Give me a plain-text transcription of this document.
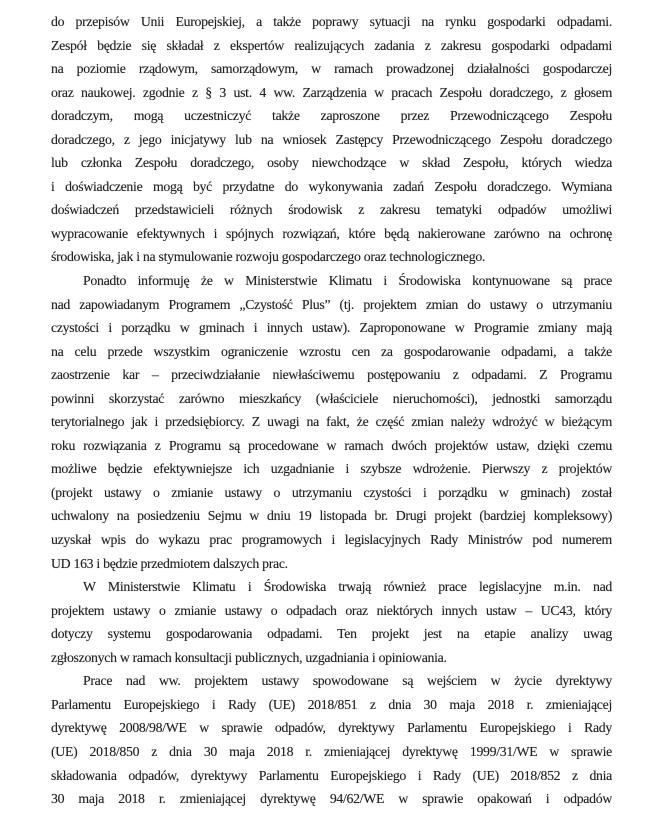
do przepisów Unii Europejskiej, a także poprawy sytuacji na rynku gospodarki odpadami.
Zespół będzie się składał z ekspertów realizujących zadania z zakresu gospodarki odpadami
na poziomie rządowym, samorządowym, w ramach prowadzonej działalności gospodarczej
oraz naukowej. zgodnie z § 3 ust. 4 ww. Zarządzenia w pracach Zespołu doradczego, z głosem
doradczym, mogą uczestniczyć także zaproszone przez Przewodniczącego Zespołu
doradczego, z jego inicjatywy lub na wniosek Zastępcy Przewodniczącego Zespołu doradczego
lub członka Zespołu doradczego, osoby niewchodzące w skład Zespołu, których wiedza
i doświadczenie mogą być przydatne do wykonywania zadań Zespołu doradczego. Wymiana
doświadczeń przedstawicieli różnych środowisk z zakresu tematyki odpadów umożliwi
wypracowanie efektywnych i spójnych rozwiązań, które będą nakierowane zarówno na ochronę
środowiska, jak i na stymulowanie rozwoju gospodarczego oraz technologicznego.
Ponadto informuję że w Ministerstwie Klimatu i Środowiska kontynuowane są prace
nad zapowiadanym Programem „Czystość Plus” (tj. projektem zmian do ustawy o utrzymaniu
czystości i porządku w gminach i innych ustaw). Zaproponowane w Programie zmiany mają
na celu przede wszystkim ograniczenie wzrostu cen za gospodarowanie odpadami, a także
zaostrzenie kar – przeciwdziałanie niewłaściwemu postępowaniu z odpadami. Z Programu
powinni skorzystać zarówno mieszkańcy (właściciele nieruchomości), jednostki samorządu
terytorialnego jak i przedsiębiorcy. Z uwagi na fakt, że część zmian należy wdrożyć w bieżącym
roku rozwiązania z Programu są procedowane w ramach dwóch projektów ustaw, dzięki czemu
możliwe będzie efektywniejsze ich uzgadnianie i szybsze wdrożenie. Pierwszy z projektów
(projekt ustawy o zmianie ustawy o utrzymaniu czystości i porządku w gminach) został
uchwalony na posiedzeniu Sejmu w dniu 19 listopada br. Drugi projekt (bardziej kompleksowy)
uzyskał wpis do wykazu prac programowych i legislacyjnych Rady Ministrów pod numerem
UD 163 i będzie przedmiotem dalszych prac.
W Ministerstwie Klimatu i Środowiska trwają również prace legislacyjne m.in. nad
projektem ustawy o zmianie ustawy o odpadach oraz niektórych innych ustaw – UC43, który
dotyczy systemu gospodarowania odpadami. Ten projekt jest na etapie analizy uwag
zgłoszonych w ramach konsultacji publicznych, uzgadniania i opiniowania.
Prace nad ww. projektem ustawy spowodowane są wejściem w życie dyrektywy
Parlamentu Europejskiego i Rady (UE) 2018/851 z dnia 30 maja 2018 r. zmieniającej
dyrektywę 2008/98/WE w sprawie odpadów, dyrektywy Parlamentu Europejskiego i Rady
(UE) 2018/850 z dnia 30 maja 2018 r. zmieniającej dyrektywę 1999/31/WE w sprawie
składowania odpadów, dyrektywy Parlamentu Europejskiego i Rady (UE) 2018/852 z dnia
30 maja 2018 r. zmieniającej dyrektywę 94/62/WE w sprawie opakowań i odpadów
